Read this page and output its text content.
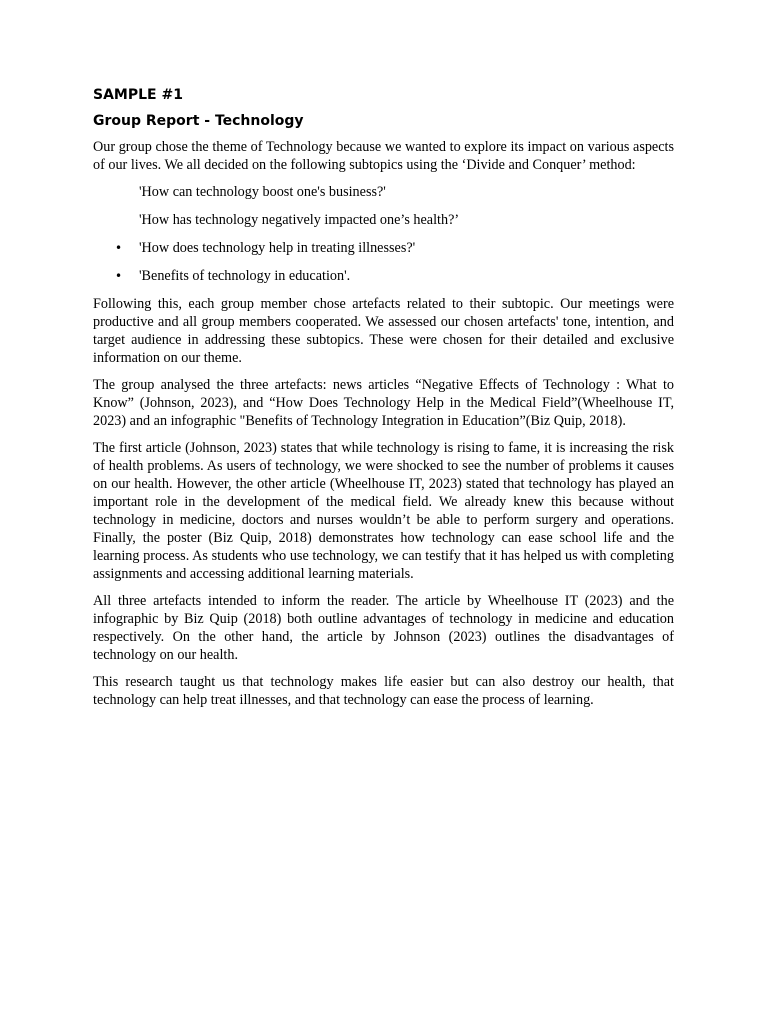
SAMPLE #1

Group Report - Technology

Our group chose the theme of Technology because we wanted to explore its impact on various aspects of our lives. We all decided on the following subtopics using the ‘Divide and Conquer’ method:

'How can technology boost one's business?'
'How has technology negatively impacted one’s health?’
• 'How does technology help in treating illnesses?'
• 'Benefits of technology in education'.

Following this, each group member chose artefacts related to their subtopic. Our meetings were productive and all group members cooperated. We assessed our chosen artefacts' tone, intention, and target audience in addressing these subtopics. These were chosen for their detailed and exclusive information on our theme.

The group analysed the three artefacts: news articles “Negative Effects of Technology : What to Know” (Johnson, 2023), and “How Does Technology Help in the Medical Field”(Wheelhouse IT, 2023) and an infographic "Benefits of Technology Integration in Education”(Biz Quip, 2018).

The first article (Johnson, 2023) states that while technology is rising to fame, it is increasing the risk of health problems. As users of technology, we were shocked to see the number of problems it causes on our health. However, the other article (Wheelhouse IT, 2023) stated that technology has played an important role in the development of the medical field. We already knew this because without technology in medicine, doctors and nurses wouldn’t be able to perform surgery and operations. Finally, the poster (Biz Quip, 2018) demonstrates how technology can ease school life and the learning process. As students who use technology, we can testify that it has helped us with completing assignments and accessing additional learning materials.

All three artefacts intended to inform the reader. The article by Wheelhouse IT (2023) and the infographic by Biz Quip (2018) both outline advantages of technology in medicine and education respectively. On the other hand, the article by Johnson (2023) outlines the disadvantages of technology on our health.

This research taught us that technology makes life easier but can also destroy our health, that technology can help treat illnesses, and that technology can ease the process of learning.
